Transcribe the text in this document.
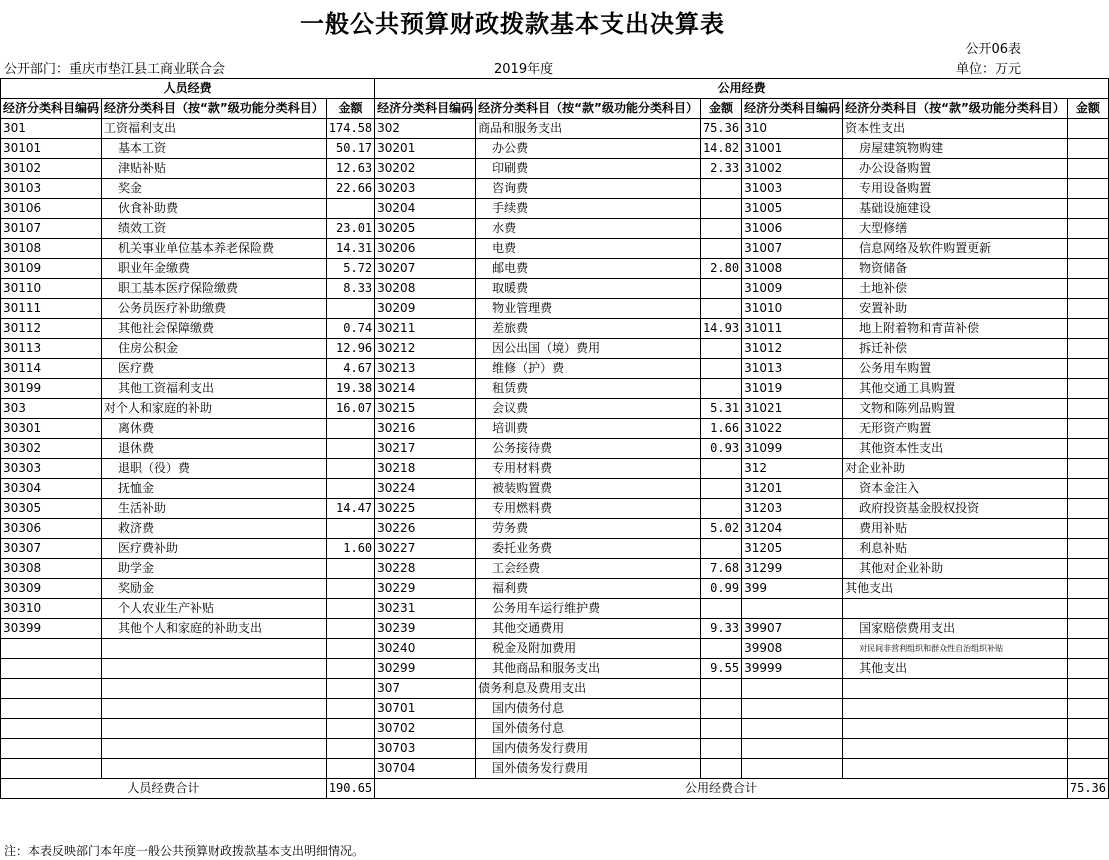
一般公共预算财政拨款基本支出决算表
公开06表
公开部门：重庆市垫江县工商业联合会	2019年度	单位：万元
人员经费			公用经费					
经济分类科目编码	经济分类科目（按“款”级功能分类科目）	金额	经济分类科目编码	经济分类科目（按“款”级功能分类科目）	金额	经济分类科目编码	经济分类科目（按“款”级功能分类科目）	金额
301	工资福利支出	174.58	302	商品和服务支出	75.36	310	资本性支出	
30101	基本工资	50.17	30201	办公费	14.82	31001	房屋建筑物购建	
30102	津贴补贴	12.63	30202	印刷费	2.33	31002	办公设备购置	
30103	奖金	22.66	30203	咨询费		31003	专用设备购置	
30106	伙食补助费		30204	手续费		31005	基础设施建设	
30107	绩效工资	23.01	30205	水费		31006	大型修缮	
30108	机关事业单位基本养老保险费	14.31	30206	电费		31007	信息网络及软件购置更新	
30109	职业年金缴费	5.72	30207	邮电费	2.80	31008	物资储备	
30110	职工基本医疗保险缴费	8.33	30208	取暖费		31009	土地补偿	
30111	公务员医疗补助缴费		30209	物业管理费		31010	安置补助	
30112	其他社会保障缴费	0.74	30211	差旅费	14.93	31011	地上附着物和青苗补偿	
30113	住房公积金	12.96	30212	因公出国（境）费用		31012	拆迁补偿	
30114	医疗费	4.67	30213	维修（护）费		31013	公务用车购置	
30199	其他工资福利支出	19.38	30214	租赁费		31019	其他交通工具购置	
303	对个人和家庭的补助	16.07	30215	会议费	5.31	31021	文物和陈列品购置	
30301	离休费		30216	培训费	1.66	31022	无形资产购置	
30302	退休费		30217	公务接待费	0.93	31099	其他资本性支出	
30303	退职（役）费		30218	专用材料费		312	对企业补助	
30304	抚恤金		30224	被装购置费		31201	资本金注入	
30305	生活补助	14.47	30225	专用燃料费		31203	政府投资基金股权投资	
30306	救济费		30226	劳务费	5.02	31204	费用补贴	
30307	医疗费补助	1.60	30227	委托业务费		31205	利息补贴	
30308	助学金		30228	工会经费	7.68	31299	其他对企业补助	
30309	奖励金		30229	福利费	0.99	399	其他支出	
30310	个人农业生产补贴		30231	公务用车运行维护费				
30399	其他个人和家庭的补助支出		30239	其他交通费用	9.33	39907	国家赔偿费用支出	
			30240	税金及附加费用		39908	对民间非营利组织和群众性自治组织补贴	
			30299	其他商品和服务支出	9.55	39999	其他支出	
			307	债务利息及费用支出				
			30701	国内债务付息				
			30702	国外债务付息				
			30703	国内债务发行费用				
			30704	国外债务发行费用				
人员经费合计		190.65	公用经费合计					75.36
注：本表反映部门本年度一般公共预算财政拨款基本支出明细情况。
